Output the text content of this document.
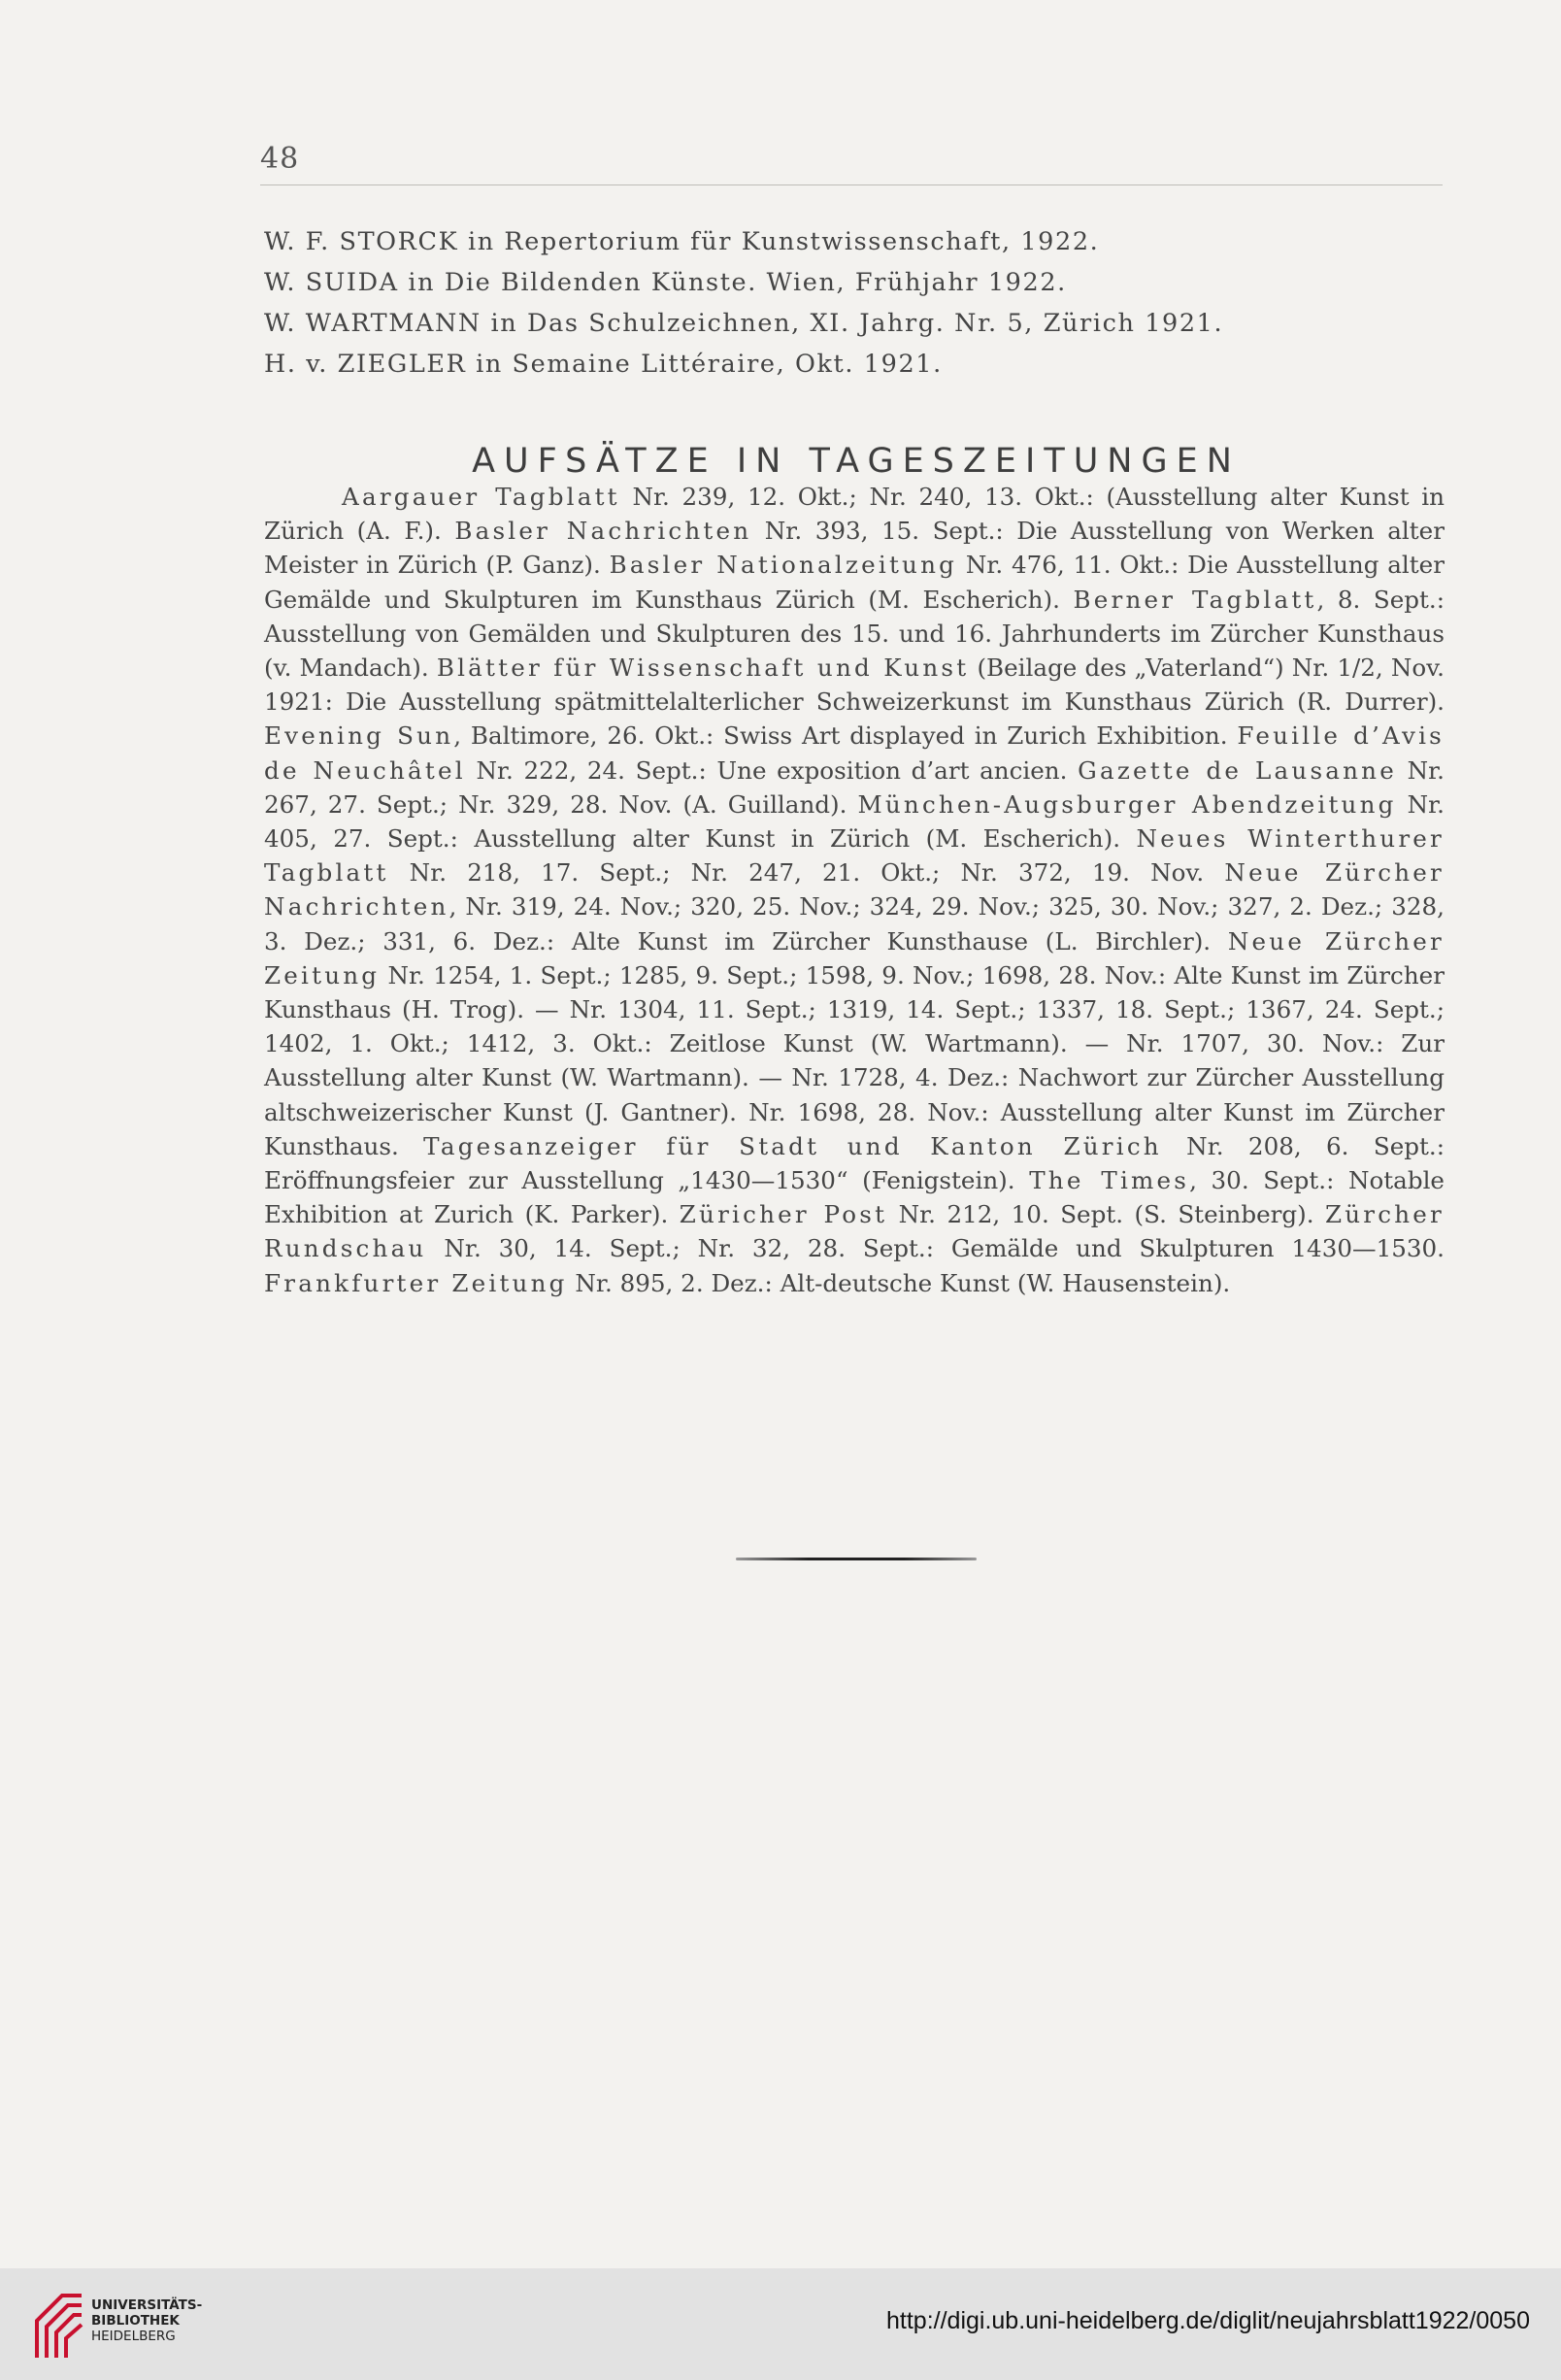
48
W. F. STORCK in Repertorium für Kunstwissenschaft, 1922.
W. SUIDA in Die Bildenden Künste. Wien, Frühjahr 1922.
W. WARTMANN in Das Schulzeichnen, XI. Jahrg. Nr. 5, Zürich 1921.
H. v. ZIEGLER in Semaine Littéraire, Okt. 1921.
AUFSÄTZE IN TAGESZEITUNGEN

Aargauer Tagblatt Nr. 239, 12. Okt.; Nr. 240, 13. Okt.: (Ausstellung alter Kunst in Zürich (A. F.). Basler Nachrichten Nr. 393, 15. Sept.: Die Ausstellung von Werken alter Meister in Zürich (P. Ganz). Basler Nationalzeitung Nr. 476, 11. Okt.: Die Ausstellung alter Gemälde und Skulpturen im Kunsthaus Zürich (M. Escherich). Berner Tagblatt, 8. Sept.: Ausstellung von Gemälden und Skulpturen des 15. und 16. Jahrhunderts im Zürcher Kunsthaus (v. Mandach). Blätter für Wissenschaft und Kunst (Beilage des „Vaterland“) Nr. 1/2, Nov. 1921: Die Ausstellung spätmittelalterlicher Schweizerkunst im Kunsthaus Zürich (R. Durrer). Evening Sun, Baltimore, 26. Okt.: Swiss Art displayed in Zurich Exhibition. Feuille d’Avis de Neuchâtel Nr. 222, 24. Sept.: Une exposition d’art ancien. Gazette de Lausanne Nr. 267, 27. Sept.; Nr. 329, 28. Nov. (A. Guilland). München-Augsburger Abendzeitung Nr. 405, 27. Sept.: Ausstellung alter Kunst in Zürich (M. Escherich). Neues Winterthurer Tagblatt Nr. 218, 17. Sept.; Nr. 247, 21. Okt.; Nr. 372, 19. Nov. Neue Zürcher Nachrichten, Nr. 319, 24. Nov.; 320, 25. Nov.; 324, 29. Nov.; 325, 30. Nov.; 327, 2. Dez.; 328, 3. Dez.; 331, 6. Dez.: Alte Kunst im Zürcher Kunsthause (L. Birchler). Neue Zürcher Zeitung Nr. 1254, 1. Sept.; 1285, 9. Sept.; 1598, 9. Nov.; 1698, 28. Nov.: Alte Kunst im Zürcher Kunsthaus (H. Trog). — Nr. 1304, 11. Sept.; 1319, 14. Sept.; 1337, 18. Sept.; 1367, 24. Sept.; 1402, 1. Okt.; 1412, 3. Okt.: Zeitlose Kunst (W. Wartmann). — Nr. 1707, 30. Nov.: Zur Ausstellung alter Kunst (W. Wartmann). — Nr. 1728, 4. Dez.: Nachwort zur Zürcher Ausstellung altschweizerischer Kunst (J. Gantner). Nr. 1698, 28. Nov.: Ausstellung alter Kunst im Zürcher Kunsthaus. Tagesanzeiger für Stadt und Kanton Zürich Nr. 208, 6. Sept.: Eröffnungsfeier zur Ausstellung „1430—1530“ (Fenigstein). The Times, 30. Sept.: Notable Exhibition at Zurich (K. Parker). Züricher Post Nr. 212, 10. Sept. (S. Steinberg). Zürcher Rundschau Nr. 30, 14. Sept.; Nr. 32, 28. Sept.: Gemälde und Skulpturen 1430—1530. Frankfurter Zeitung Nr. 895, 2. Dez.: Alt-deutsche Kunst (W. Hausenstein).

UNIVERSITÄTS-
BIBLIOTHEK
HEIDELBERG
http://digi.ub.uni-heidelberg.de/diglit/neujahrsblatt1922/0050
